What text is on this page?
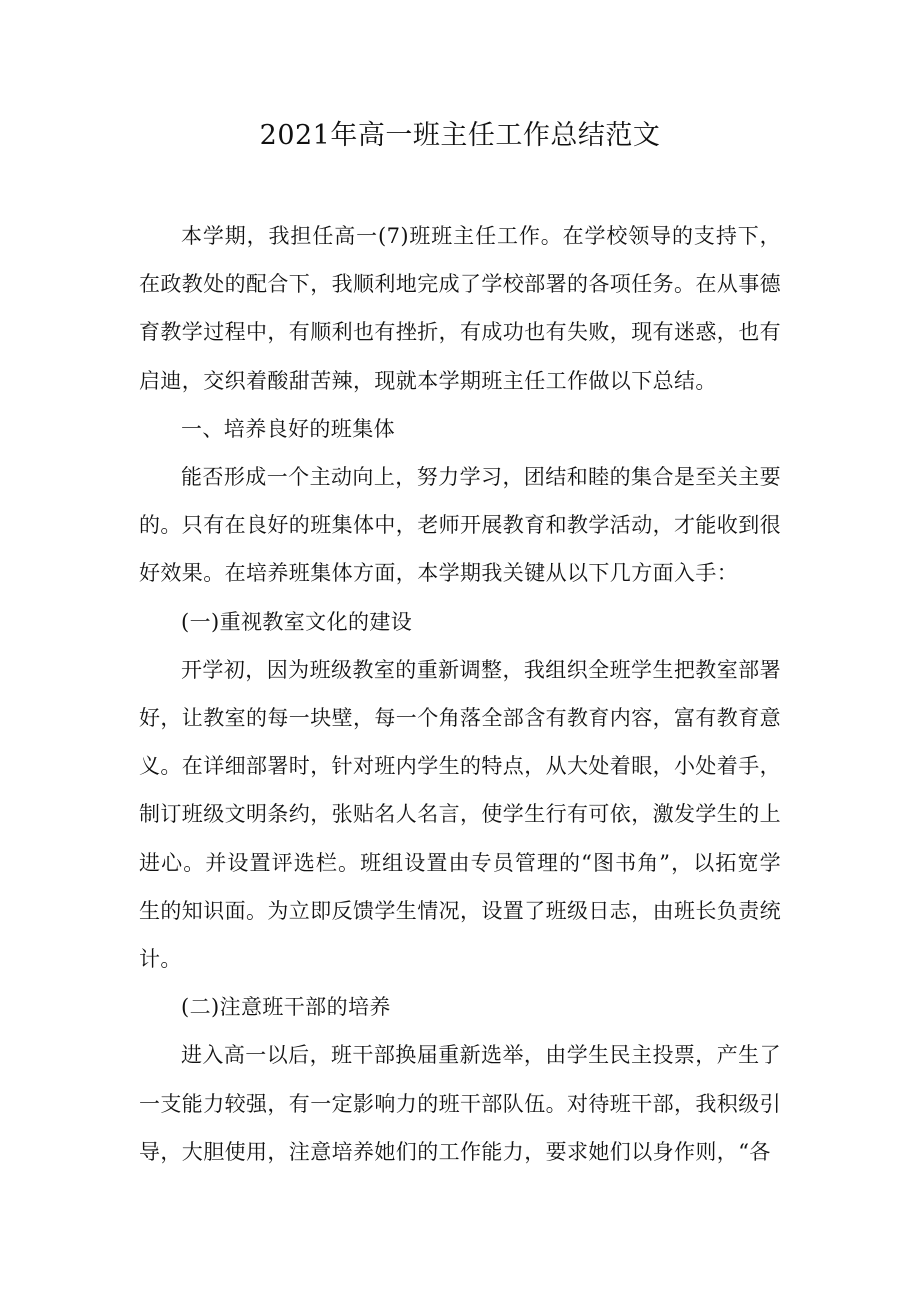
2021年高一班主任工作总结范文

本学期，我担任高一(7)班班主任工作。在学校领导的支持下，在政教处的配合下，我顺利地完成了学校部署的各项任务。在从事德育教学过程中，有顺利也有挫折，有成功也有失败，现有迷惑，也有启迪，交织着酸甜苦辣，现就本学期班主任工作做以下总结。

一、培养良好的班集体

能否形成一个主动向上，努力学习，团结和睦的集合是至关主要的。只有在良好的班集体中，老师开展教育和教学活动，才能收到很好效果。在培养班集体方面，本学期我关键从以下几方面入手：

(一)重视教室文化的建设

开学初，因为班级教室的重新调整，我组织全班学生把教室部署好，让教室的每一块壁，每一个角落全部含有教育内容，富有教育意义。在详细部署时，针对班内学生的特点，从大处着眼，小处着手，制订班级文明条约，张贴名人名言，使学生行有可依，激发学生的上进心。并设置评选栏。班组设置由专员管理的“图书角”，以拓宽学生的知识面。为立即反馈学生情况，设置了班级日志，由班长负责统计。

(二)注意班干部的培养

进入高一以后，班干部换届重新选举，由学生民主投票，产生了一支能力较强，有一定影响力的班干部队伍。对待班干部，我积级引导，大胆使用，注意培养她们的工作能力，要求她们以身作则，“各
